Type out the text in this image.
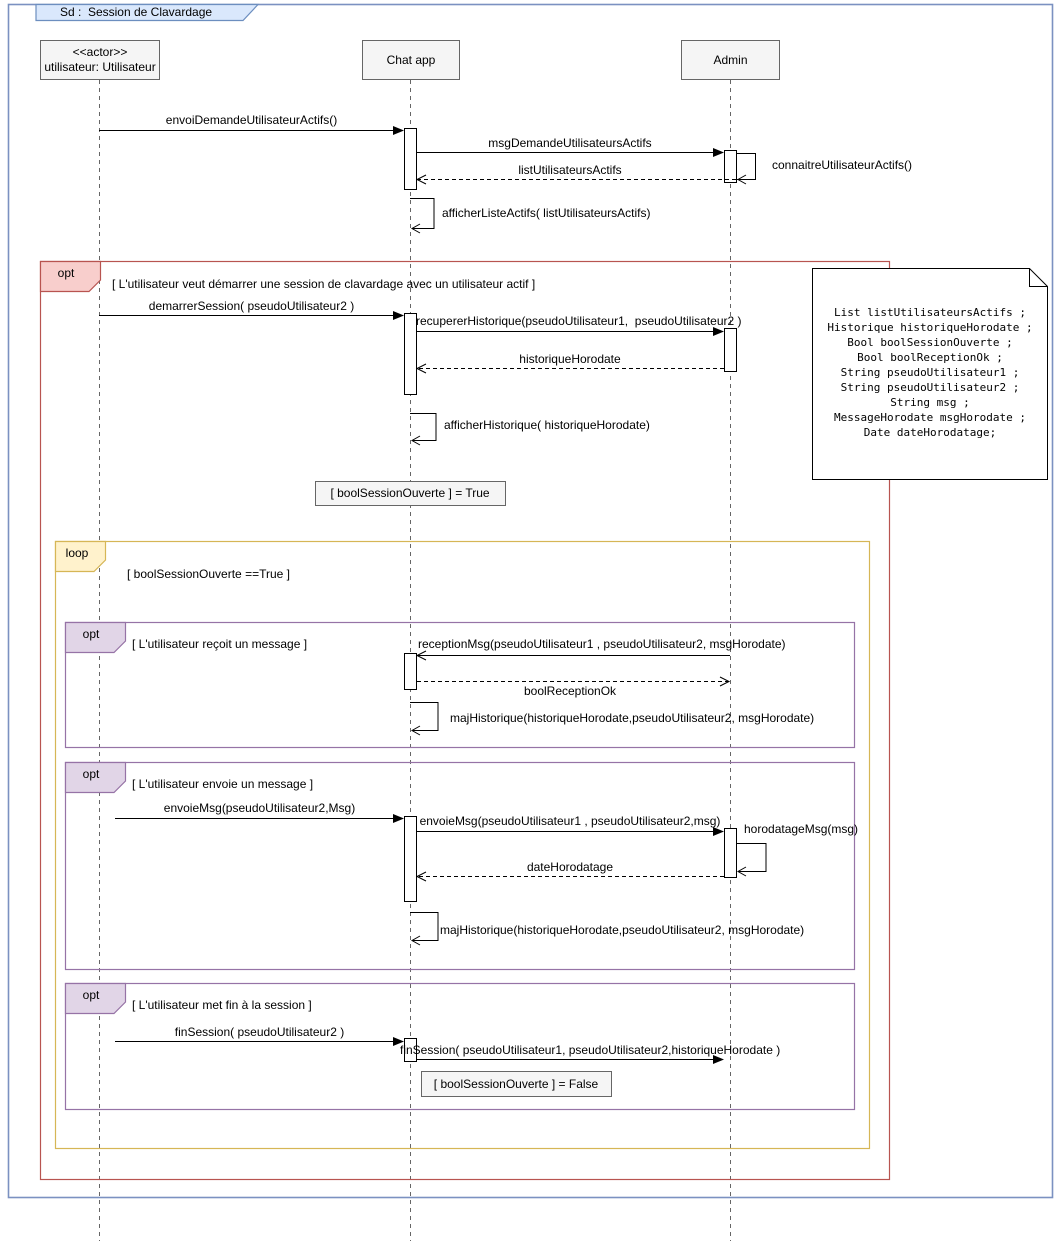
Sd :  Session de Clavardage
<<actor>>
utilisateur: Utilisateur	Chat app	Admin
opt
loop
opt
opt
opt
[ L'utilisateur veut démarrer une session de clavardage avec un utilisateur actif ]
[ boolSessionOuverte ==True ]
[ L'utilisateur reçoit un message ]
[ L'utilisateur envoie un message ]
[ L'utilisateur met fin à la session ]
envoiDemandeUtilisateurActifs()
msgDemandeUtilisateursActifs
listUtilisateursActifs	connaitreUtilisateurActifs()
afficherListeActifs( listUtilisateursActifs)
demarrerSession( pseudoUtilisateur2 )
recupererHistorique(pseudoUtilisateur1,  pseudoUtilisateur2 )
historiqueHorodate
afficherHistorique( historiqueHorodate)
receptionMsg(pseudoUtilisateur1 , pseudoUtilisateur2, msgHorodate)
boolReceptionOk
majHistorique(historiqueHorodate,pseudoUtilisateur2, msgHorodate)
envoieMsg(pseudoUtilisateur2,Msg)
envoieMsg(pseudoUtilisateur1 , pseudoUtilisateur2,msg)
horodatageMsg(msg)
dateHorodatage
majHistorique(historiqueHorodate,pseudoUtilisateur2, msgHorodate)
finSession( pseudoUtilisateur2 )
finSession( pseudoUtilisateur1, pseudoUtilisateur2,historiqueHorodate )
[ boolSessionOuverte ] = True
[ boolSessionOuverte ] = False
List listUtilisateursActifs ;
Historique historiqueHorodate ;
Bool boolSessionOuverte ;
Bool boolReceptionOk ;
String pseudoUtilisateur1 ;
String pseudoUtilisateur2 ;
String msg ;
MessageHorodate msgHorodate ;
Date dateHorodatage;
